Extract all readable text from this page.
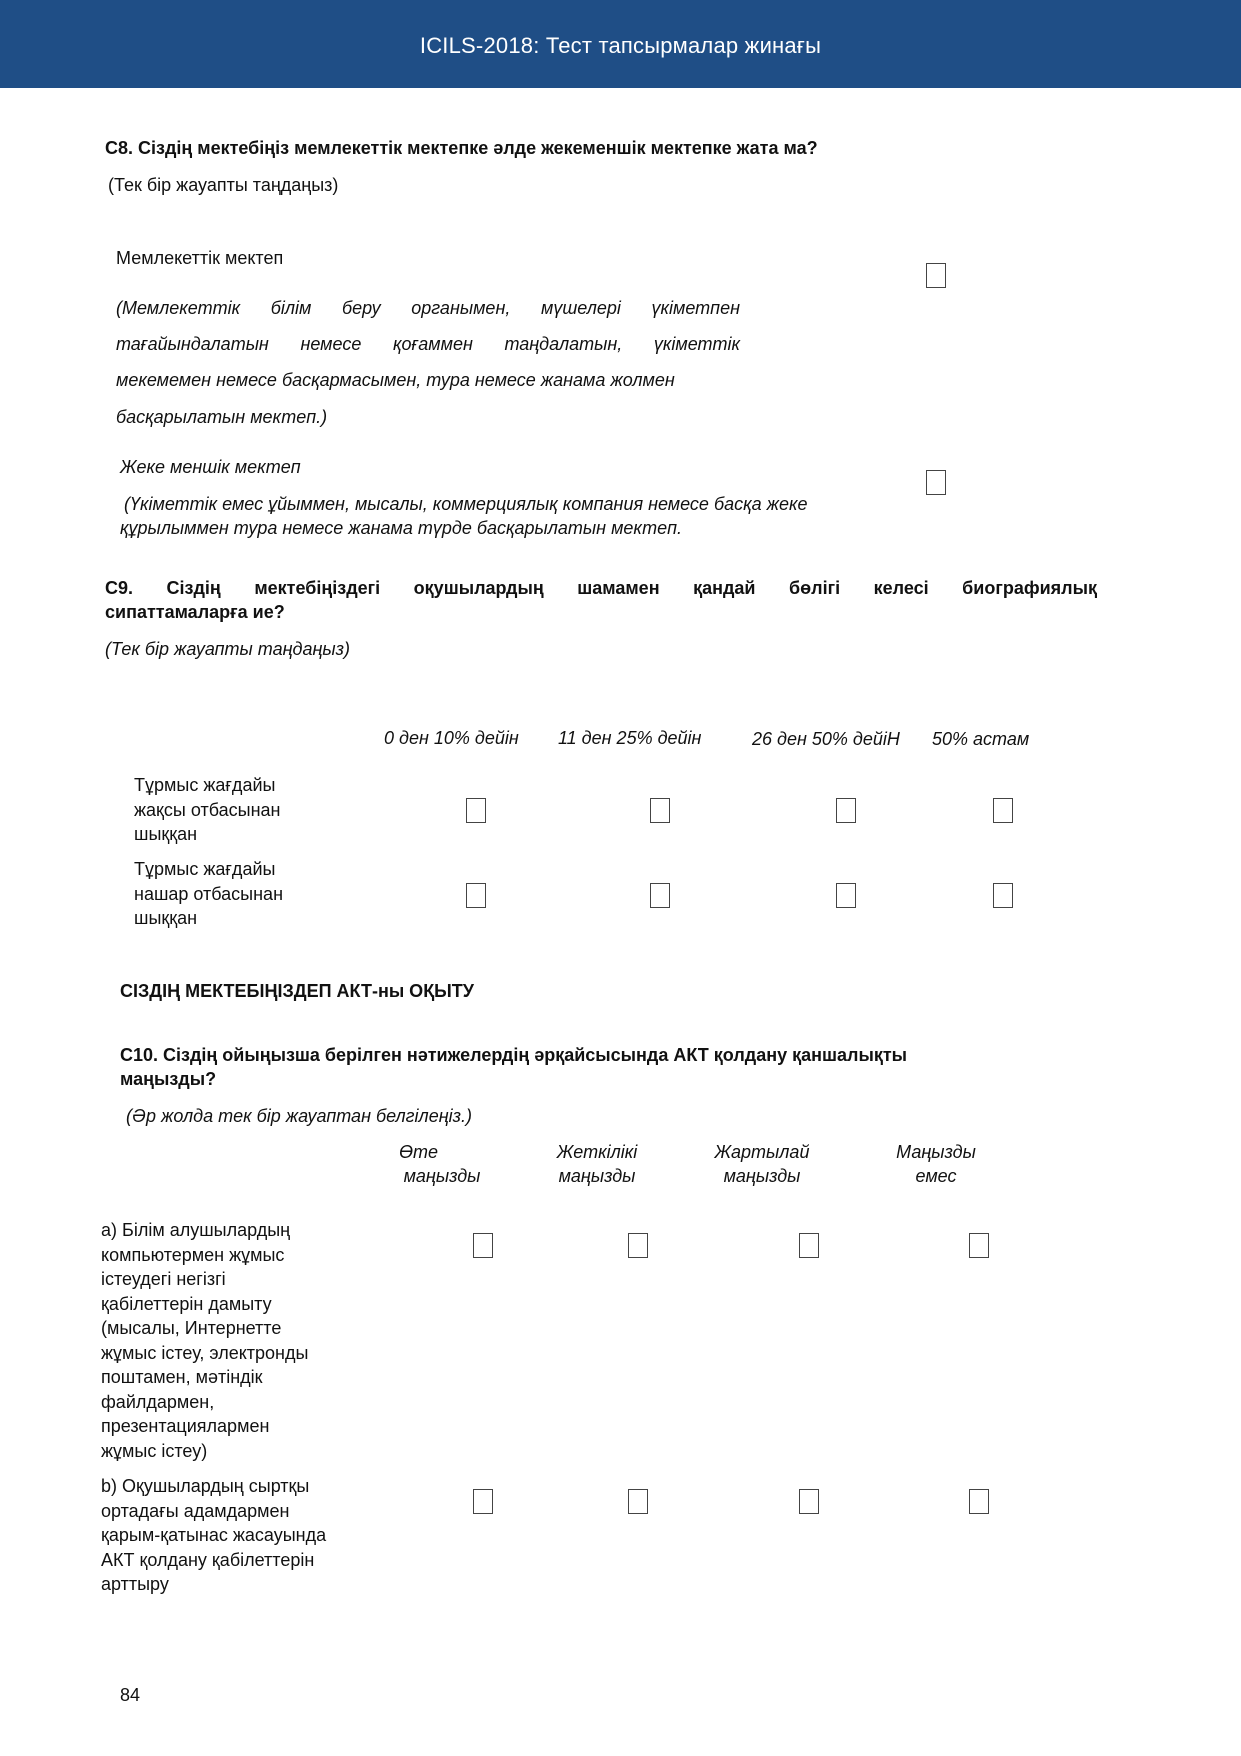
ICILS-2018: Тест тапсырмалар жинағы
C8. Сіздің мектебіңіз мемлекеттік мектепке әлде жекеменшік мектепке жата ма?
(Тек бір жауапты таңдаңыз)
Мемлекеттік мектеп
(Мемлекеттік білім беру органымен, мүшелері үкіметпен
тағайындалатын немесе қоғаммен таңдалатын, үкіметтік
мекемемен немесе басқармасымен, тура немесе жанама жолмен
басқарылатын мектеп.)
Жеке меншік мектеп
(Үкіметтік емес ұйыммен, мысалы, коммерциялық компания немесе басқа жеке
құрылыммен тура немесе жанама түрде басқарылатын мектеп.
C9. Сіздің мектебіңіздегі оқушылардың шамамен қандай бөлігі келесі биографиялық
сипаттамаларға ие?
(Тек бір жауапты таңдаңыз)
0 ден 10% дейін 11 ден 25% дейін	26 ден 50% дейіН 50% астам
Тұрмыс жағдайы
жақсы отбасынан
шыққан
Тұрмыс жағдайы
нашар отбасынан
шыққан
СІЗДІҢ МЕКТЕБІҢІЗДЕП АКТ-ны ОҚЫТУ
C10. Сіздің ойыңызша берілген нәтижелердің әрқайсысында АКТ қолдану қаншалықты
маңызды?
(Әр жолда тек бір жауаптан белгілеңіз.)
Өте
маңызды
Жеткілікі
маңызды
Жартылай
маңызды
Маңызды
емес
а) Білім алушылардың
компьютермен жұмыс
істеудегі негізгі
қабілеттерін дамыту
(мысалы, Интернетте
жұмыс істеу, электронды
поштамен, мәтіндік
файлдармен,
презентациялармен
жұмыс істеу)
b) Оқушылардың сыртқы
ортадағы адамдармен
қарым-қатынас жасауында
АКТ қолдану қабілеттерін
арттыру
84
